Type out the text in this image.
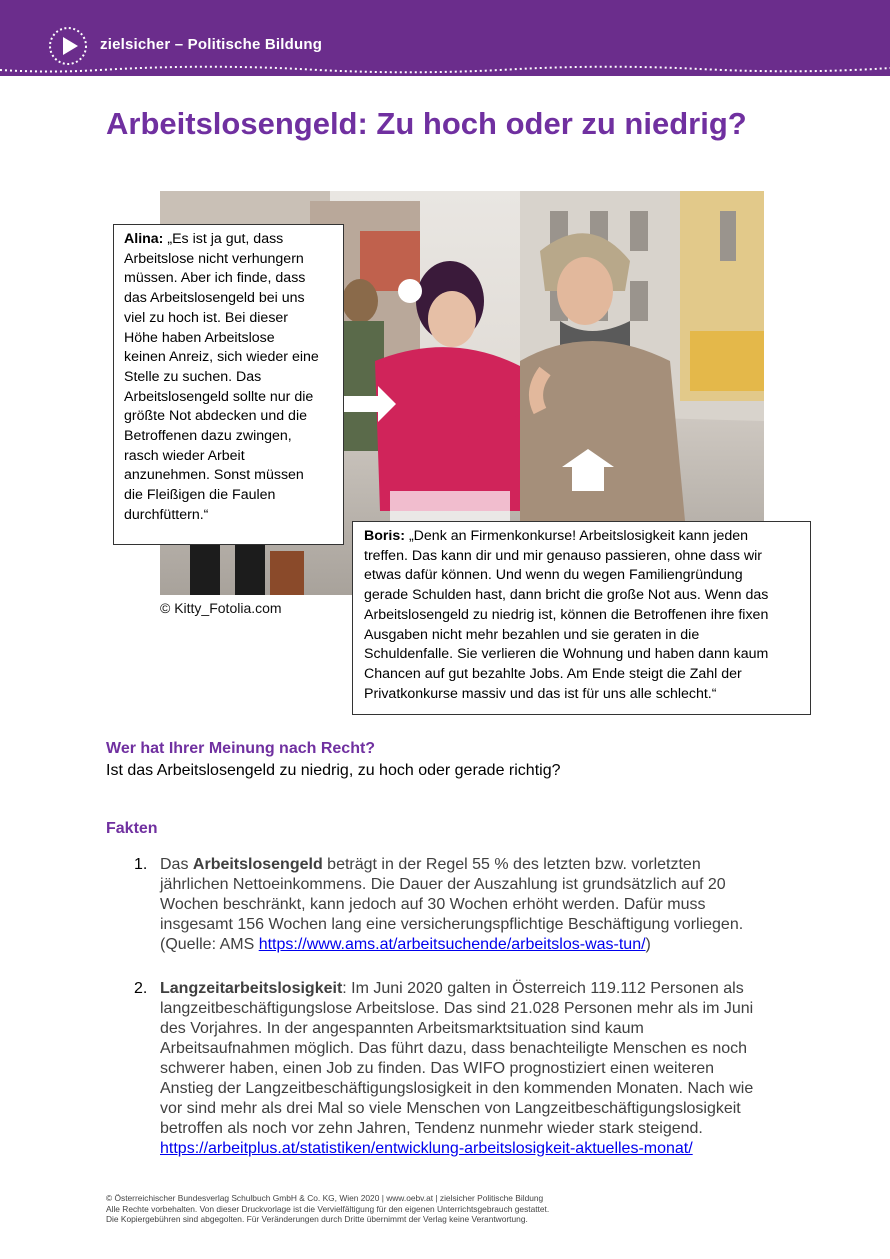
zielsicher – Politische Bildung
Arbeitslosengeld: Zu hoch oder zu niedrig?
© Kitty_Fotolia.com
Alina: „Es ist ja gut, dass
Arbeitslose nicht verhungern
müssen. Aber ich finde, dass
das Arbeitslosengeld bei uns
viel zu hoch ist. Bei dieser
Höhe haben Arbeitslose
keinen Anreiz, sich wieder eine
Stelle zu suchen. Das
Arbeitslosengeld sollte nur die
größte Not abdecken und die
Betroffenen dazu zwingen,
rasch wieder Arbeit
anzunehmen. Sonst müssen
die Fleißigen die Faulen
durchfüttern.“
Boris: „Denk an Firmenkonkurse! Arbeitslosigkeit kann jeden
treffen. Das kann dir und mir genauso passieren, ohne dass wir
etwas dafür können. Und wenn du wegen Familiengründung
gerade Schulden hast, dann bricht die große Not aus. Wenn das
Arbeitslosengeld zu niedrig ist, können die Betroffenen ihre fixen
Ausgaben nicht mehr bezahlen und sie geraten in die
Schuldenfalle. Sie verlieren die Wohnung und haben dann kaum
Chancen auf gut bezahlte Jobs. Am Ende steigt die Zahl der
Privatkonkurse massiv und das ist für uns alle schlecht.“
Wer hat Ihrer Meinung nach Recht?
Ist das Arbeitslosengeld zu niedrig, zu hoch oder gerade richtig?
Fakten
1. Das Arbeitslosengeld beträgt in der Regel 55 % des letzten bzw. vorletzten
jährlichen Nettoeinkommens. Die Dauer der Auszahlung ist grundsätzlich auf 20
Wochen beschränkt, kann jedoch auf 30 Wochen erhöht werden. Dafür muss
insgesamt 156 Wochen lang eine versicherungspflichtige Beschäftigung vorliegen.
(Quelle: AMS https://www.ams.at/arbeitsuchende/arbeitslos-was-tun/)
2. Langzeitarbeitslosigkeit: Im Juni 2020 galten in Österreich 119.112 Personen als
langzeitbeschäftigungslose Arbeitslose. Das sind 21.028 Personen mehr als im Juni
des Vorjahres. In der angespannten Arbeitsmarktsituation sind kaum
Arbeitsaufnahmen möglich. Das führt dazu, dass benachteiligte Menschen es noch
schwerer haben, einen Job zu finden. Das WIFO prognostiziert einen weiteren
Anstieg der Langzeitbeschäftigungslosigkeit in den kommenden Monaten. Nach wie
vor sind mehr als drei Mal so viele Menschen von Langzeitbeschäftigungslosigkeit
betroffen als noch vor zehn Jahren, Tendenz nunmehr wieder stark steigend.
https://arbeitplus.at/statistiken/entwicklung-arbeitslosigkeit-aktuelles-monat/
© Österreichischer Bundesverlag Schulbuch GmbH & Co. KG, Wien 2020 | www.oebv.at | zielsicher Politische Bildung
Alle Rechte vorbehalten. Von dieser Druckvorlage ist die Vervielfältigung für den eigenen Unterrichtsgebrauch gestattet.
Die Kopiergebühren sind abgegolten. Für Veränderungen durch Dritte übernimmt der Verlag keine Verantwortung.
